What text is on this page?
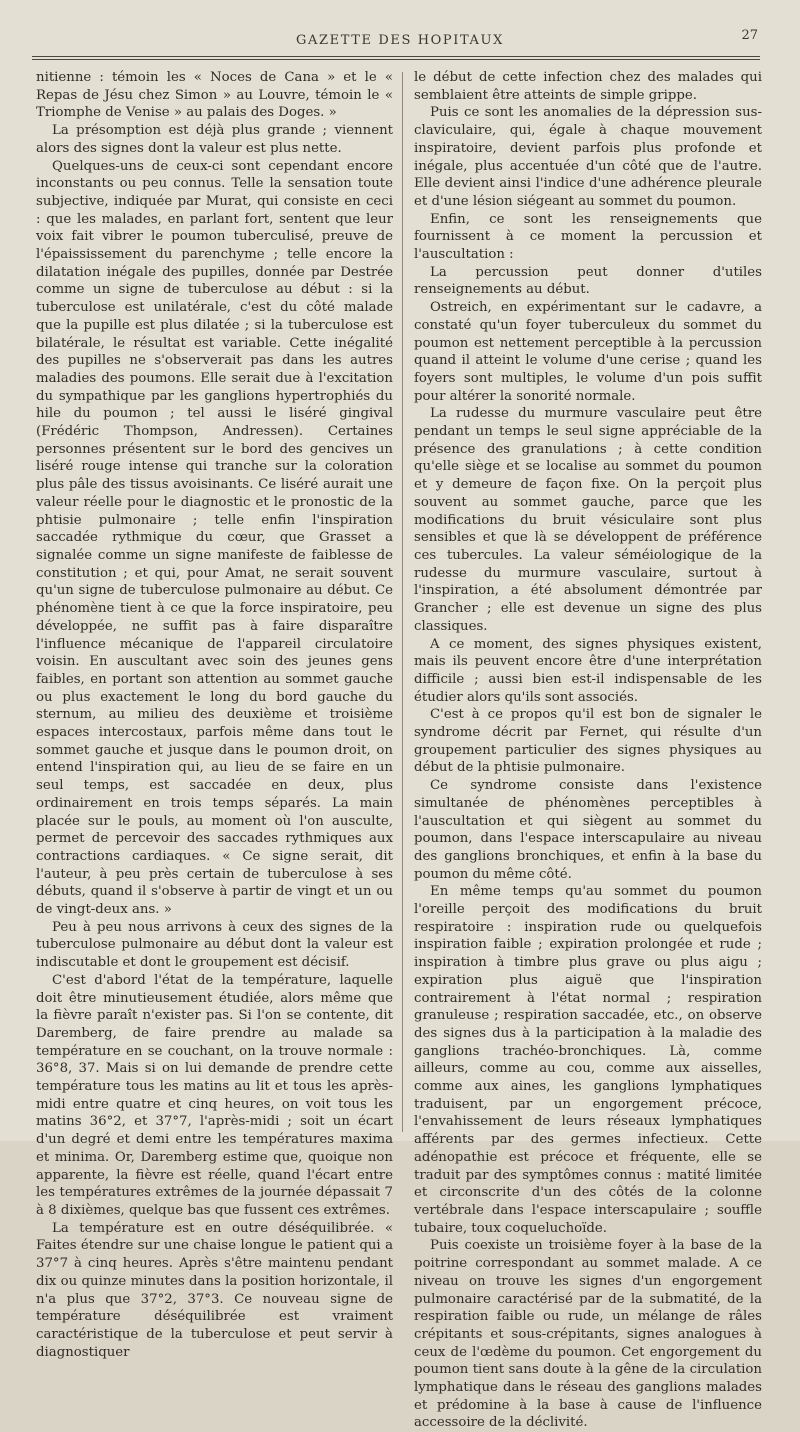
GAZETTE DES HOPITAUX	27

nitienne : témoin les « Noces de Cana » et le « Repas de Jésu chez Simon » au Louvre, témoin le « Triomphe de Venise » au palais des Doges. »

La présomption est déjà plus grande ; viennent alors des signes dont la valeur est plus nette.

Quelques-uns de ceux-ci sont cependant encore inconstants ou peu connus. Telle la sensation toute subjective, indiquée par Murat, qui consiste en ceci : que les malades, en parlant fort, sentent que leur voix fait vibrer le poumon tuberculisé, preuve de l'épaississement du parenchyme ; telle encore la dilatation inégale des pupilles, donnée par Destrée comme un signe de tuberculose au début : si la tuberculose est unilatérale, c'est du côté malade que la pupille est plus dilatée ; si la tuberculose est bilatérale, le résultat est variable. Cette inégalité des pupilles ne s'observerait pas dans les autres maladies des poumons. Elle serait due à l'excitation du sympathique par les ganglions hypertrophiés du hile du poumon ; tel aussi le liséré gingival (Frédéric Thompson, Andressen). Certaines personnes présentent sur le bord des gencives un liséré rouge intense qui tranche sur la coloration plus pâle des tissus avoisinants. Ce liséré aurait une valeur réelle pour le diagnostic et le pronostic de la phtisie pulmonaire ; telle enfin l'inspiration saccadée rythmique du cœur, que Grasset a signalée comme un signe manifeste de faiblesse de constitution ; et qui, pour Amat, ne serait souvent qu'un signe de tuberculose pulmonaire au début. Ce phénomène tient à ce que la force inspiratoire, peu développée, ne suffit pas à faire disparaître l'influence mécanique de l'appareil circulatoire voisin. En auscultant avec soin des jeunes gens faibles, en portant son attention au sommet gauche ou plus exactement le long du bord gauche du sternum, au milieu des deuxième et troisième espaces intercostaux, parfois même dans tout le sommet gauche et jusque dans le poumon droit, on entend l'inspiration qui, au lieu de se faire en un seul temps, est saccadée en deux, plus ordinairement en trois temps séparés. La main placée sur le pouls, au moment où l'on ausculte, permet de percevoir des saccades rythmiques aux contractions cardiaques. « Ce signe serait, dit l'auteur, à peu près certain de tuberculose à ses débuts, quand il s'observe à partir de vingt et un ou de vingt-deux ans. »

Peu à peu nous arrivons à ceux des signes de la tuberculose pulmonaire au début dont la valeur est indiscutable et dont le groupement est décisif.

C'est d'abord l'état de la température, laquelle doit être minutieusement étudiée, alors même que la fièvre paraît n'exister pas. Si l'on se contente, dit Daremberg, de faire prendre au malade sa température en se couchant, on la trouve normale : 36°8, 37. Mais si on lui demande de prendre cette température tous les matins au lit et tous les après-midi entre quatre et cinq heures, on voit tous les matins 36°2, et 37°7, l'après-midi ; soit un écart d'un degré et demi entre les températures maxima et minima. Or, Daremberg estime que, quoique non apparente, la fièvre est réelle, quand l'écart entre les températures extrêmes de la journée dépassait 7 à 8 dixièmes, quelque bas que fussent ces extrêmes.

La température est en outre déséquilibrée. « Faites étendre sur une chaise longue le patient qui a 37°7 à cinq heures. Après s'être maintenu pendant dix ou quinze minutes dans la position horizontale, il n'a plus que 37°2, 37°3. Ce nouveau signe de température déséquilibrée est vraiment caractéristique de la tuberculose et peut servir à diagnostiquer

le début de cette infection chez des malades qui semblaient être atteints de simple grippe.

Puis ce sont les anomalies de la dépression sus-claviculaire, qui, égale à chaque mouvement inspiratoire, devient parfois plus profonde et inégale, plus accentuée d'un côté que de l'autre. Elle devient ainsi l'indice d'une adhérence pleurale et d'une lésion siégeant au sommet du poumon.

Enfin, ce sont les renseignements que fournissent à ce moment la percussion et l'auscultation :

La percussion peut donner d'utiles renseignements au début.

Ostreich, en expérimentant sur le cadavre, a constaté qu'un foyer tuberculeux du sommet du poumon est nettement perceptible à la percussion quand il atteint le volume d'une cerise ; quand les foyers sont multiples, le volume d'un pois suffit pour altérer la sonorité normale.

La rudesse du murmure vasculaire peut être pendant un temps le seul signe appréciable de la présence des granulations ; à cette condition qu'elle siège et se localise au sommet du poumon et y demeure de façon fixe. On la perçoit plus souvent au sommet gauche, parce que les modifications du bruit vésiculaire sont plus sensibles et que là se développent de préférence ces tubercules. La valeur séméiologique de la rudesse du murmure vasculaire, surtout à l'inspiration, a été absolument démontrée par Grancher ; elle est devenue un signe des plus classiques.

A ce moment, des signes physiques existent, mais ils peuvent encore être d'une interprétation difficile ; aussi bien est-il indispensable de les étudier alors qu'ils sont associés.

C'est à ce propos qu'il est bon de signaler le syndrome décrit par Fernet, qui résulte d'un groupement particulier des signes physiques au début de la phtisie pulmonaire.

Ce syndrome consiste dans l'existence simultanée de phénomènes perceptibles à l'auscultation et qui siègent au sommet du poumon, dans l'espace interscapulaire au niveau des ganglions bronchiques, et enfin à la base du poumon du même côté.

En même temps qu'au sommet du poumon l'oreille perçoit des modifications du bruit respiratoire : inspiration rude ou quelquefois inspiration faible ; expiration prolongée et rude ; inspiration à timbre plus grave ou plus aigu ; expiration plus aiguë que l'inspiration contrairement à l'état normal ; respiration granuleuse ; respiration saccadée, etc., on observe des signes dus à la participation à la maladie des ganglions trachéo-bronchiques. Là, comme ailleurs, comme au cou, comme aux aisselles, comme aux aines, les ganglions lymphatiques traduisent, par un engorgement précoce, l'envahissement de leurs réseaux lymphatiques afférents par des germes infectieux. Cette adénopathie est précoce et fréquente, elle se traduit par des symptômes connus : matité limitée et circonscrite d'un des côtés de la colonne vertébrale dans l'espace interscapulaire ; souffle tubaire, toux coqueluchoïde.

Puis coexiste un troisième foyer à la base de la poitrine correspondant au sommet malade. A ce niveau on trouve les signes d'un engorgement pulmonaire caractérisé par de la submatité, de la respiration faible ou rude, un mélange de râles crépitants et sous-crépitants, signes analogues à ceux de l'œdème du poumon. Cet engorgement du poumon tient sans doute à la gêne de la circulation lymphatique dans le réseau des ganglions malades et prédomine à la base à cause de l'influence accessoire de la déclivité.
